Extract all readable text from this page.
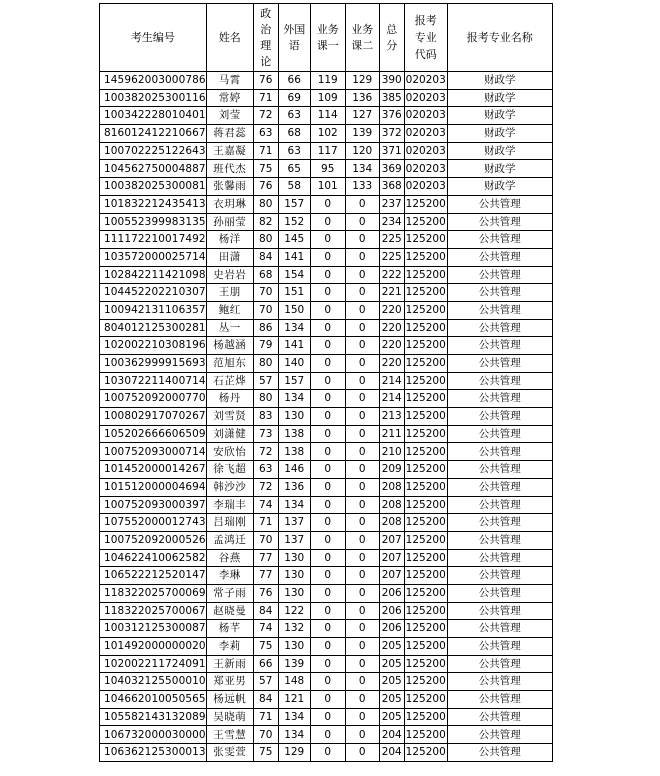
考生编号	姓名	政治理论	外国语	业务课一	业务课二	总分	报考专业代码	报考专业名称
145962003000786	马霄	76	66	119	129	390	020203	财政学
100382025300116	常婷	71	69	109	136	385	020203	财政学
100342228010401	刘莹	72	63	114	127	376	020203	财政学
816012412210667	蒋君蕊	63	68	102	139	372	020203	财政学
100702225122643	王嘉凝	71	63	117	120	371	020203	财政学
104562750004887	班代杰	75	65	95	134	369	020203	财政学
100382025300081	张馨雨	76	58	101	133	368	020203	财政学
101832212435413	衣玥琳	80	157	0	0	237	125200	公共管理
100552399983135	孙丽莹	82	152	0	0	234	125200	公共管理
111172210017492	杨洋	80	145	0	0	225	125200	公共管理
103572000025714	田潇	84	141	0	0	225	125200	公共管理
102842211421098	史岩岩	68	154	0	0	222	125200	公共管理
104452202210307	王朋	70	151	0	0	221	125200	公共管理
100942131106357	鲍红	70	150	0	0	220	125200	公共管理
804012125300281	丛一	86	134	0	0	220	125200	公共管理
102002210308196	杨越涵	79	141	0	0	220	125200	公共管理
100362999915693	范旭东	80	140	0	0	220	125200	公共管理
103072211400714	石芷烨	57	157	0	0	214	125200	公共管理
100752092000770	杨丹	80	134	0	0	214	125200	公共管理
100802917070267	刘雪贤	83	130	0	0	213	125200	公共管理
105202666606509	刘潇健	73	138	0	0	211	125200	公共管理
100752093000714	安欣怡	72	138	0	0	210	125200	公共管理
101452000014267	徐飞超	63	146	0	0	209	125200	公共管理
101512000004694	韩沙沙	72	136	0	0	208	125200	公共管理
100752093000397	李瑞丰	74	134	0	0	208	125200	公共管理
107552000012743	吕瑞刚	71	137	0	0	208	125200	公共管理
100752092000526	孟鸿迁	70	137	0	0	207	125200	公共管理
104622410062582	谷燕	77	130	0	0	207	125200	公共管理
106522212520147	李琳	77	130	0	0	207	125200	公共管理
118322025700069	常子雨	76	130	0	0	206	125200	公共管理
118322025700067	赵晓曼	84	122	0	0	206	125200	公共管理
100312125300087	杨芊	74	132	0	0	206	125200	公共管理
101492000000020	李莉	75	130	0	0	205	125200	公共管理
102002211724091	王新雨	66	139	0	0	205	125200	公共管理
104032125500010	郑亚男	57	148	0	0	205	125200	公共管理
104662010050565	杨远帆	84	121	0	0	205	125200	公共管理
105582143132089	吴晓萌	71	134	0	0	205	125200	公共管理
106732000030000	王雪慧	70	134	0	0	204	125200	公共管理
106362125300013	张雯萱	75	129	0	0	204	125200	公共管理
